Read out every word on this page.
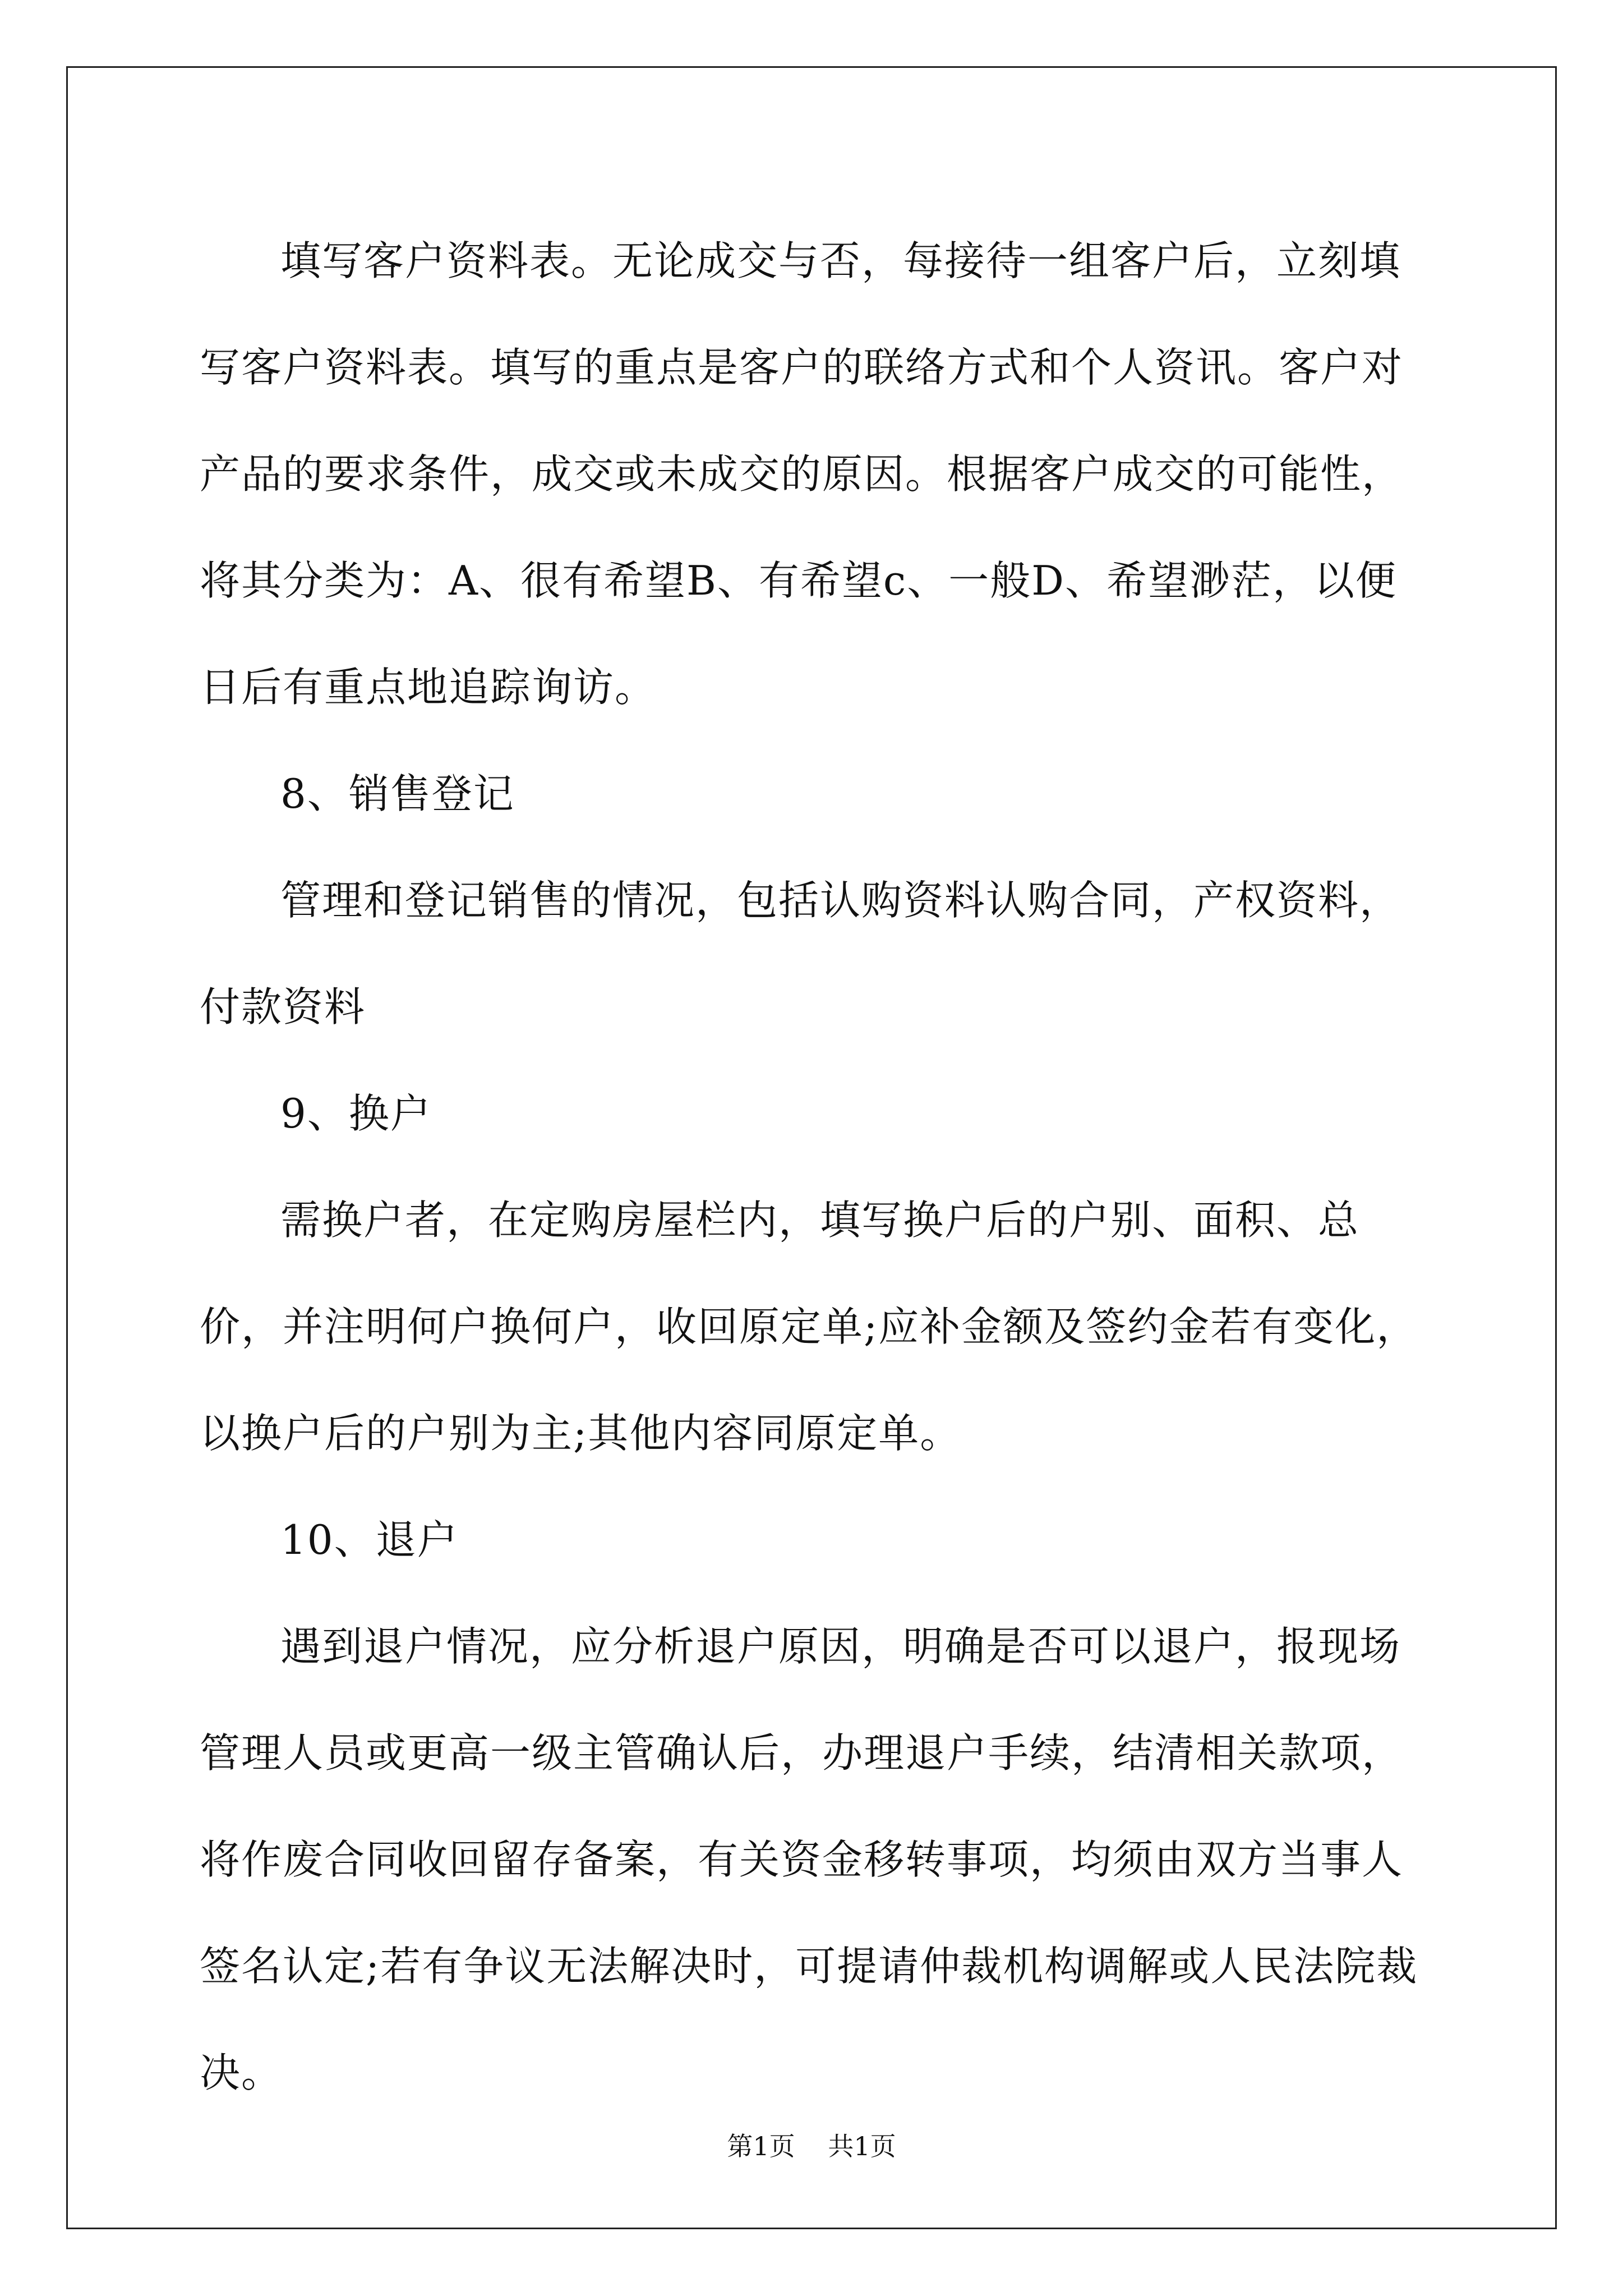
填写客户资料表。无论成交与否，每接待一组客户后，立刻填写客户资料表。填写的重点是客户的联络方式和个人资讯。客户对产品的要求条件，成交或未成交的原因。根据客户成交的可能性，将其分类为：A、很有希望B、有希望c、一般D、希望渺茫，以便日后有重点地追踪询访。

8、销售登记

管理和登记销售的情况，包括认购资料认购合同，产权资料，付款资料

9、换户

需换户者，在定购房屋栏内，填写换户后的户别、面积、总价，并注明何户换何户，收回原定单;应补金额及签约金若有变化，以换户后的户别为主;其他内容同原定单。

10、退户

遇到退户情况，应分析退户原因，明确是否可以退户，报现场管理人员或更高一级主管确认后，办理退户手续，结清相关款项，将作废合同收回留存备案，有关资金移转事项，均须由双方当事人签名认定;若有争议无法解决时，可提请仲裁机构调解或人民法院裁决。

第1页 共1页
